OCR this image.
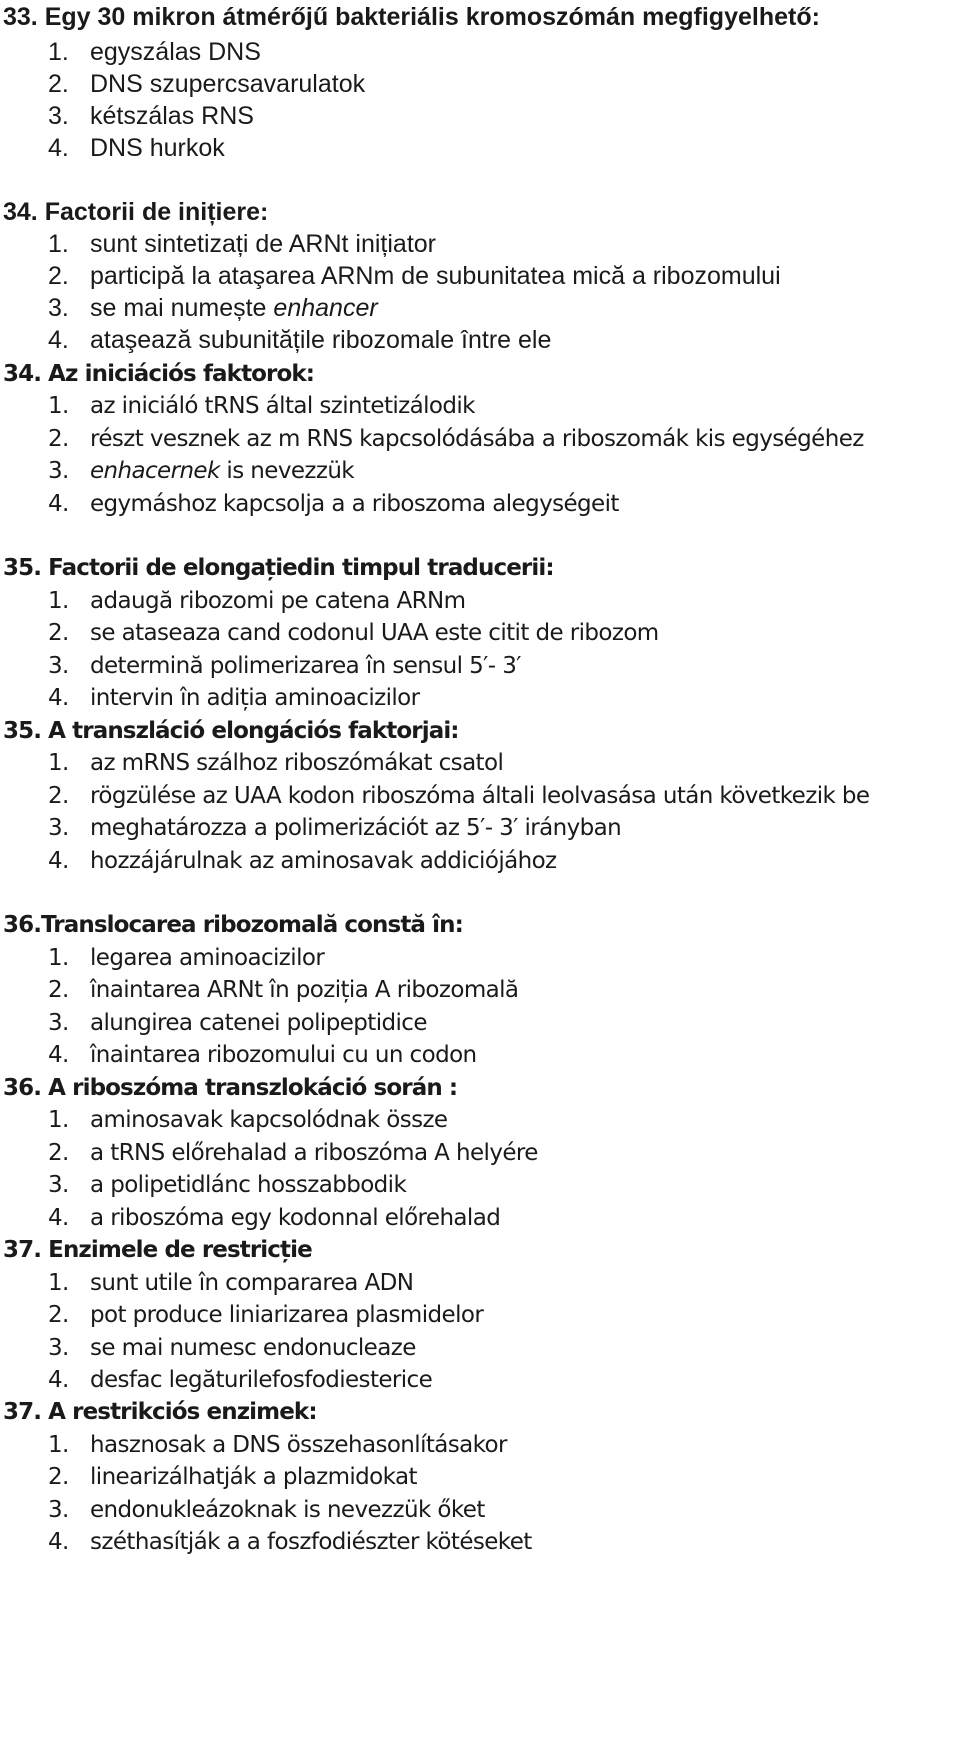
33. Egy 30 mikron átmérőjű bakteriális kromoszómán megfigyelhető:
1. egyszálas DNS
2. DNS szupercsavarulatok
3. kétszálas RNS
4. DNS hurkok
34. Factorii de inițiere:
1. sunt sintetizați de ARNt inițiator
2. participă la ataşarea ARNm de subunitatea mică a ribozomului
3. se mai numește enhancer
4. ataşează subunitățile ribozomale între ele
34. Az iniciációs faktorok:
1. az iniciáló tRNS által szintetizálodik
2. részt vesznek az m RNS kapcsolódásába a riboszomák kis egységéhez
3. enhacernek is nevezzük
4. egymáshoz kapcsolja a a riboszoma alegységeit
35. Factorii de elongațiedin timpul traducerii:
1. adaugă ribozomi pe catena ARNm
2. se ataseaza cand codonul UAA este citit de ribozom
3. determină polimerizarea în sensul 5′- 3′
4. intervin în adiția aminoacizilor
35. A transzláció elongációs faktorjai:
1. az mRNS szálhoz riboszómákat csatol
2. rögzülése az UAA kodon riboszóma általi leolvasása után következik be
3. meghatározza a polimerizációt az 5′- 3′ irányban
4. hozzájárulnak az aminosavak addiciójához
36.Translocarea ribozomală constă în:
1. legarea aminoacizilor
2. înaintarea ARNt în poziția A ribozomală
3. alungirea catenei polipeptidice
4. înaintarea ribozomului cu un codon
36. A riboszóma transzlokáció során :
1. aminosavak kapcsolódnak össze
2. a tRNS előrehalad a riboszóma A helyére
3. a polipetidlánc hosszabbodik
4. a riboszóma egy kodonnal előrehalad
37. Enzimele de restricție
1. sunt utile în compararea ADN
2. pot produce liniarizarea plasmidelor
3. se mai numesc endonucleaze
4. desfac legăturilefosfodiesterice
37. A restrikciós enzimek:
1. hasznosak a DNS összehasonlításakor
2. linearizálhatják a plazmidokat
3. endonukleázoknak is nevezzük őket
4. széthasítják a a foszfodiészter kötéseket
